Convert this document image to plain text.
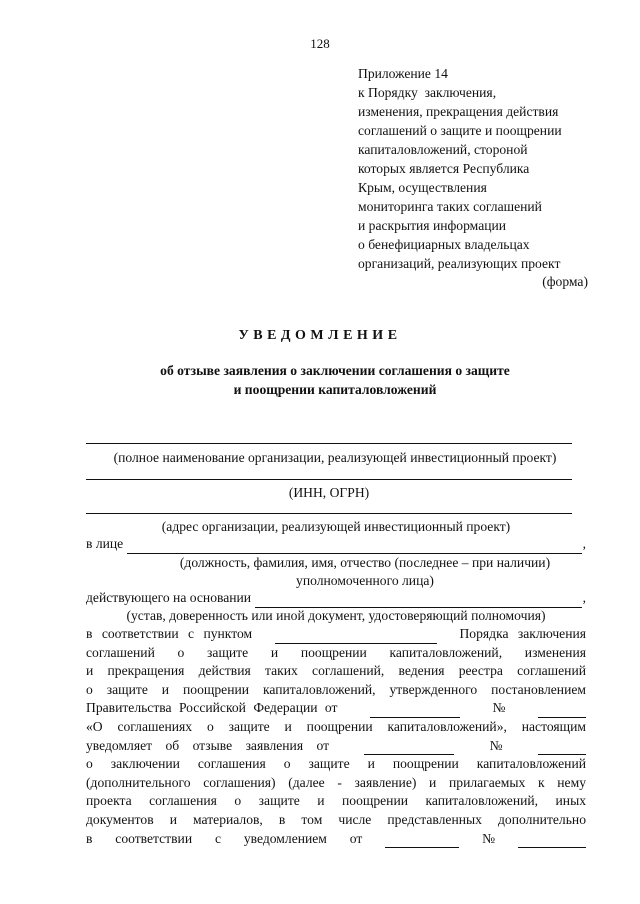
128
Приложение 14
к Порядку  заключения,
изменения, прекращения действия
соглашений о защите и поощрении
капиталовложений, стороной
которых является Республика
Крым, осуществления
мониторинга таких соглашений
и раскрытия информации
о бенефициарных владельцах
организаций, реализующих проект
(форма)
УВЕДОМЛЕНИЕ
об отзыве заявления о заключении соглашения о защите
и поощрении капиталовложений
(полное наименование организации, реализующей инвестиционный проект)
(ИНН, ОГРН)
(адрес организации, реализующей инвестиционный проект)
в лице	,
(должность, фамилия, имя, отчество (последнее – при наличии)
уполномоченного лица)
действующего на основании	,
(устав, доверенность или иной документ, удостоверяющий полномочия)
в соответствии с пунктом	Порядка заключения
соглашений о защите и поощрении капиталовложений, изменения
и прекращения действия таких соглашений, ведения реестра соглашений
о защите и поощрении капиталовложений, утвержденного постановлением
Правительства Российской Федерации от	№
«О соглашениях о защите и поощрении капиталовложений», настоящим
уведомляет об отзыве заявления от	№
о заключении соглашения о защите и поощрении капиталовложений
(дополнительного соглашения) (далее - заявление) и прилагаемых к нему
проекта соглашения о защите и поощрении капиталовложений, иных
документов и материалов, в том числе представленных дополнительно
в соответствии с уведомлением от	№
